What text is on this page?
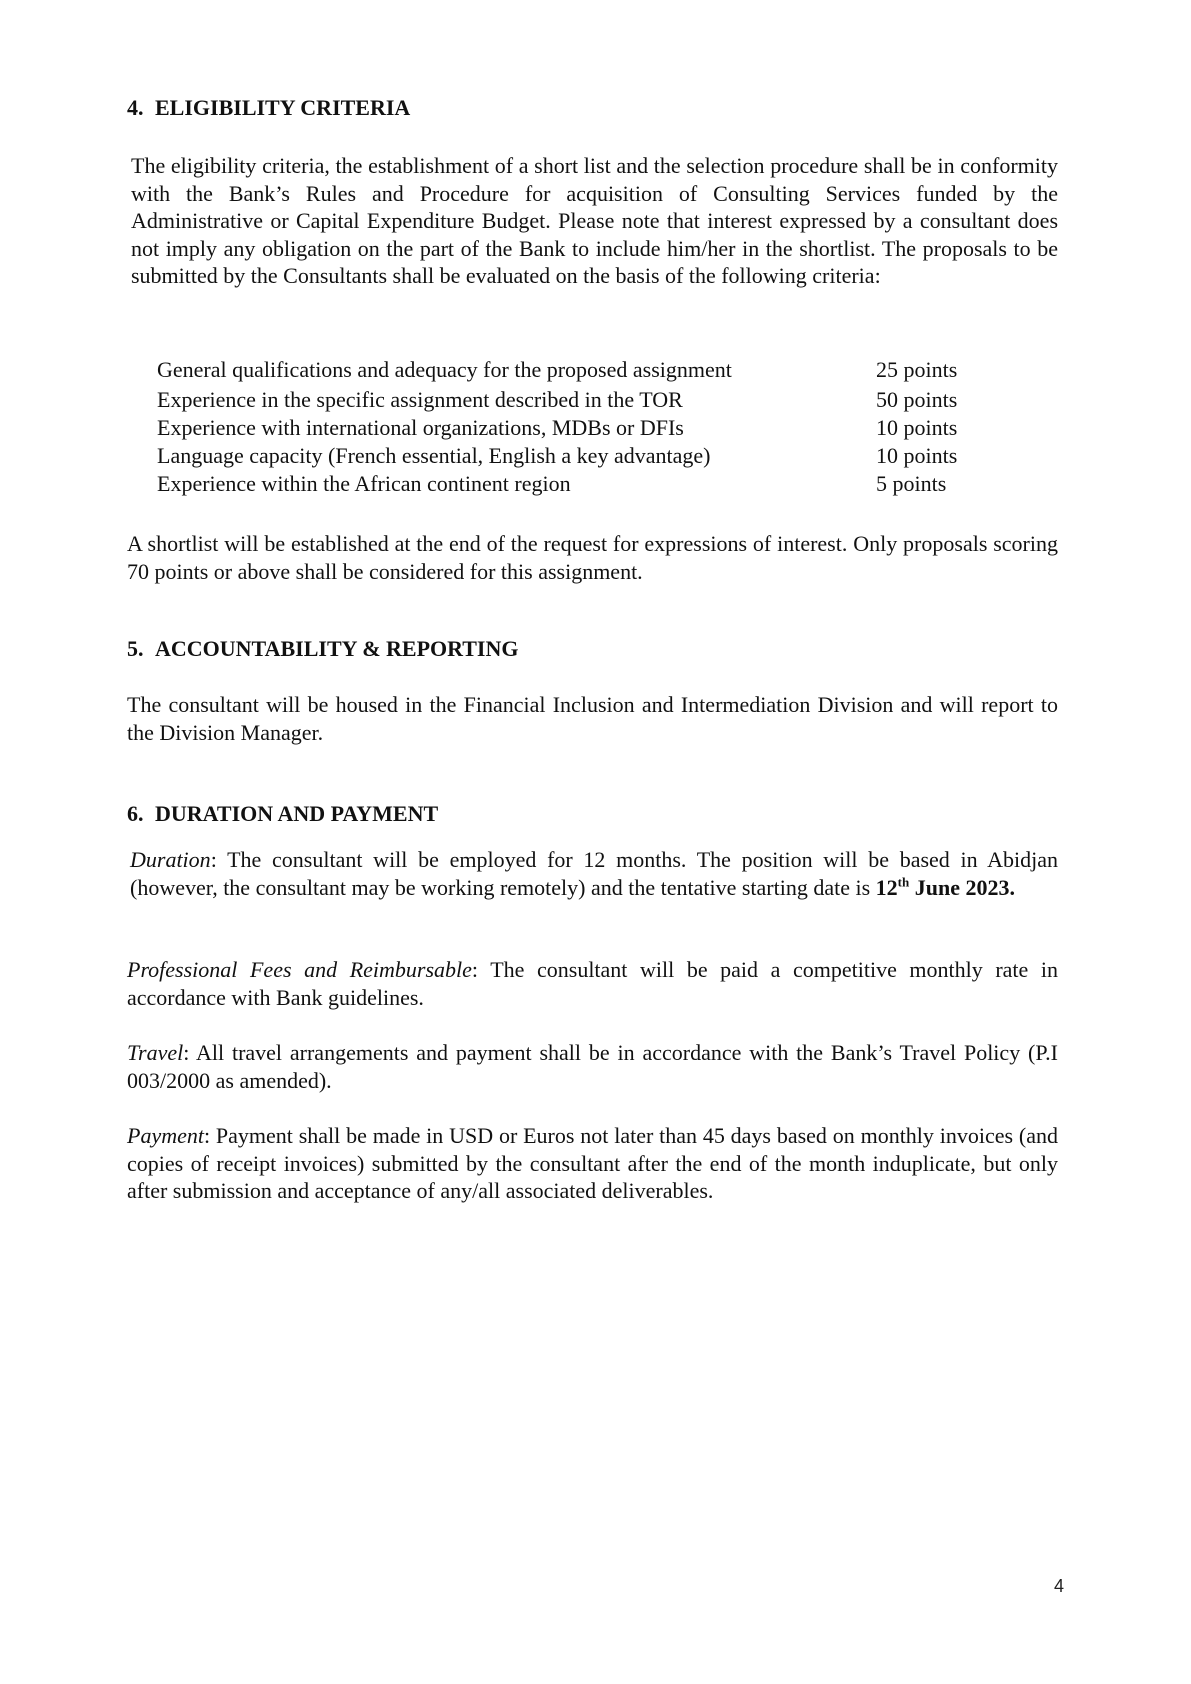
4. ELIGIBILITY CRITERIA
The eligibility criteria, the establishment of a short list and the selection procedure shall be in conformity with the Bank’s Rules and Procedure for acquisition of Consulting Services funded by the Administrative or Capital Expenditure Budget. Please note that interest expressed by a consultant does not imply any obligation on the part of the Bank to include him/her in the shortlist. The proposals to be submitted by the Consultants shall be evaluated on the basis of the following criteria:
General qualifications and adequacy for the proposed assignment	25 points
Experience in the specific assignment described in the TOR	50 points
Experience with international organizations, MDBs or DFIs	10 points
Language capacity (French essential, English a key advantage)	10 points
Experience within the African continent region	5 points
A shortlist will be established at the end of the request for expressions of interest. Only proposals scoring 70 points or above shall be considered for this assignment.
5. ACCOUNTABILITY & REPORTING
The consultant will be housed in the Financial Inclusion and Intermediation Division and will report to the Division Manager.
6. DURATION AND PAYMENT
Duration: The consultant will be employed for 12 months. The position will be based in Abidjan (however, the consultant may be working remotely) and the tentative starting date is 12th June 2023.
Professional Fees and Reimbursable: The consultant will be paid a competitive monthly rate in accordance with Bank guidelines.
Travel: All travel arrangements and payment shall be in accordance with the Bank’s Travel Policy (P.I 003/2000 as amended).
Payment: Payment shall be made in USD or Euros not later than 45 days based on monthly invoices (and copies of receipt invoices) submitted by the consultant after the end of the month induplicate, but only after submission and acceptance of any/all associated deliverables.
4
